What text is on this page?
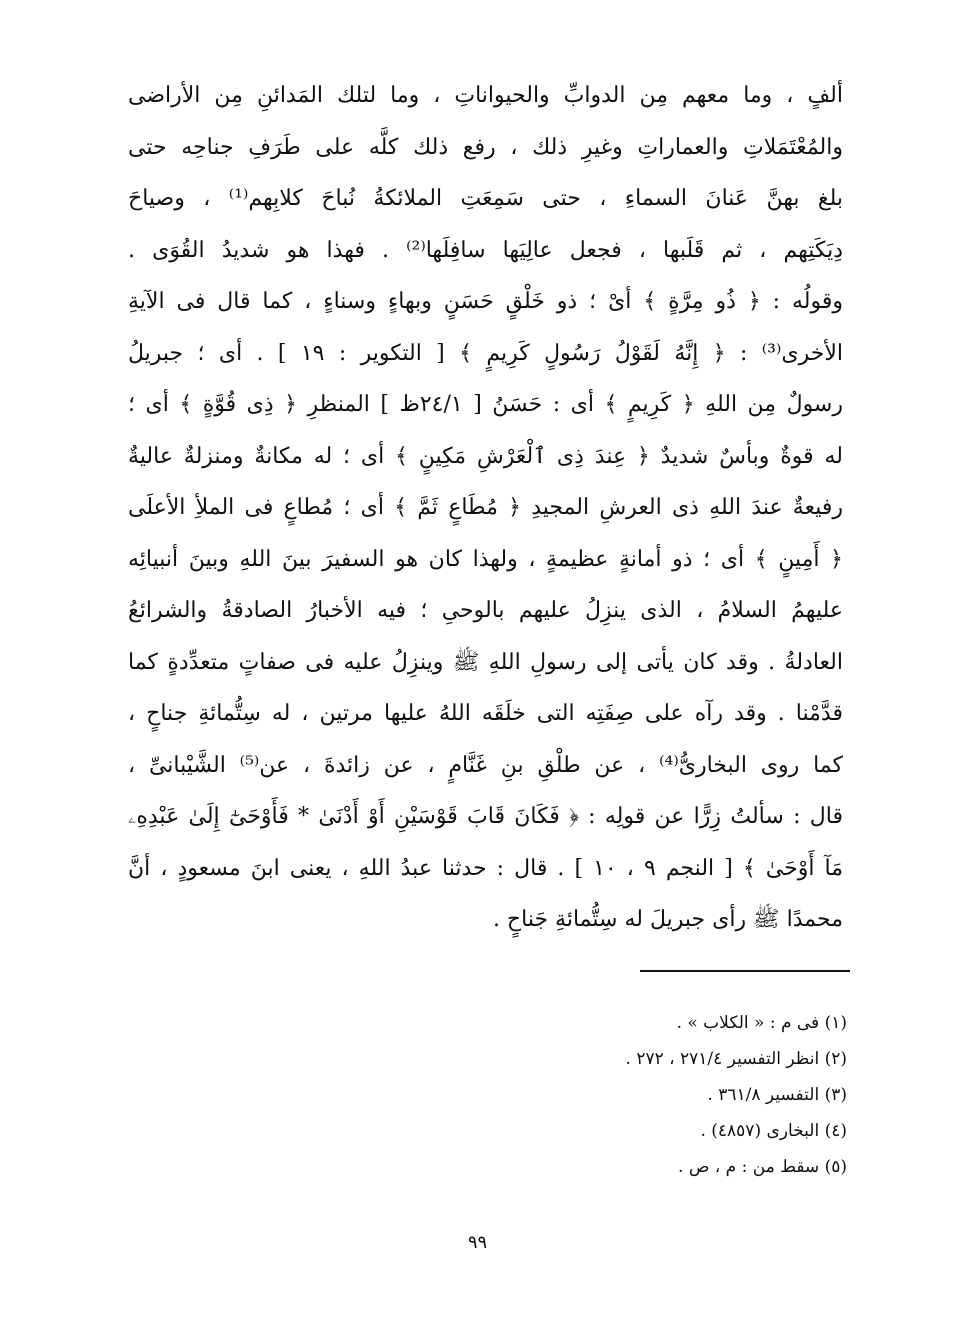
ألفٍ ، وما معهم مِن الدوابِّ والحيواناتِ ، وما لتلك المَدائنِ مِن الأراضى
والمُعْتَمَلاتِ والعماراتِ وغيرِ ذلك ، رفع ذلك كلَّه على طَرَفِ جناحِه حتى
بلغ بهنَّ عَنانَ السماءِ ، حتى سَمِعَتِ الملائكةُ نُباحَ كلابِهم⁽¹⁾ ، وصياحَ
دِيَكَتِهم ، ثم قَلَبها ، فجعل عالِيَها سافِلَها⁽²⁾ . فهذا هو شديدُ القُوَى .
وقولُه : ﴿ ذُو مِرَّةٍ ﴾ أىْ ؛ ذو خَلْقٍ حَسَنٍ وبهاءٍ وسناءٍ ، كما قال فى الآيةِ
الأخرى⁽³⁾ : ﴿ إِنَّهُ لَقَوْلُ رَسُولٍ كَرِيمٍ ﴾ [ التكوير : ١٩ ] . أى ؛ جبريلُ
رسولٌ مِن اللهِ ﴿ كَرِيمٍ ﴾ أى : حَسَنُ [ ٢٤/١ظ ] المنظرِ ﴿ ذِى قُوَّةٍ ﴾ أى ؛
له قوةٌ وبأسٌ شديدٌ ﴿ عِندَ ذِى ٱلْعَرْشِ مَكِينٍ ﴾ أى ؛ له مكانةٌ ومنزلةٌ عاليةٌ
رفيعةٌ عندَ اللهِ ذى العرشِ المجيدِ ﴿ مُطَاعٍ ثَمَّ ﴾ أى ؛ مُطاعٍ فى الملأِ الأعلَى
﴿ أَمِينٍ ﴾ أى ؛ ذو أمانةٍ عظيمةٍ ، ولهذا كان هو السفيرَ بينَ اللهِ وبينَ أنبيائِه
عليهمُ السلامُ ، الذى ينزِلُ عليهم بالوحىِ ؛ فيه الأخبارُ الصادقةُ والشرائعُ
العادلةُ . وقد كان يأتى إلى رسولِ اللهِ ﷺ وينزِلُ عليه فى صفاتٍ متعدِّدةٍ كما
قدَّمْنا . وقد رآه على صِفَتِه التى خلَقَه اللهُ عليها مرتين ، له سِتُّمائةِ جناحٍ ،
كما روى البخارىُّ⁽⁴⁾ ، عن طلْقِ بنِ غَنَّامٍ ، عن زائدةَ ، عن⁽⁵⁾ الشَّيْبانىِّ ،
قال : سألتُ زِرًّا عن قولِه : ﴿ فَكَانَ قَابَ قَوْسَيْنِ أَوْ أَدْنَىٰ * فَأَوْحَىٰٓ إِلَىٰ عَبْدِهِۦ
مَآ أَوْحَىٰ ﴾ [ النجم ٩ ، ١٠ ] . قال : حدثنا عبدُ اللهِ ، يعنى ابنَ مسعودٍ ، أنَّ
محمدًا ﷺ رأى جبريلَ له سِتُّمائةِ جَناحٍ .
(١) فى م : « الكلاب » .
(٢) انظر التفسير ٢٧١/٤ ، ٢٧٢ .
(٣) التفسير ٣٦١/٨ .
(٤) البخارى (٤٨٥٧) .
(٥) سقط من : م ، ص .
٩٩
